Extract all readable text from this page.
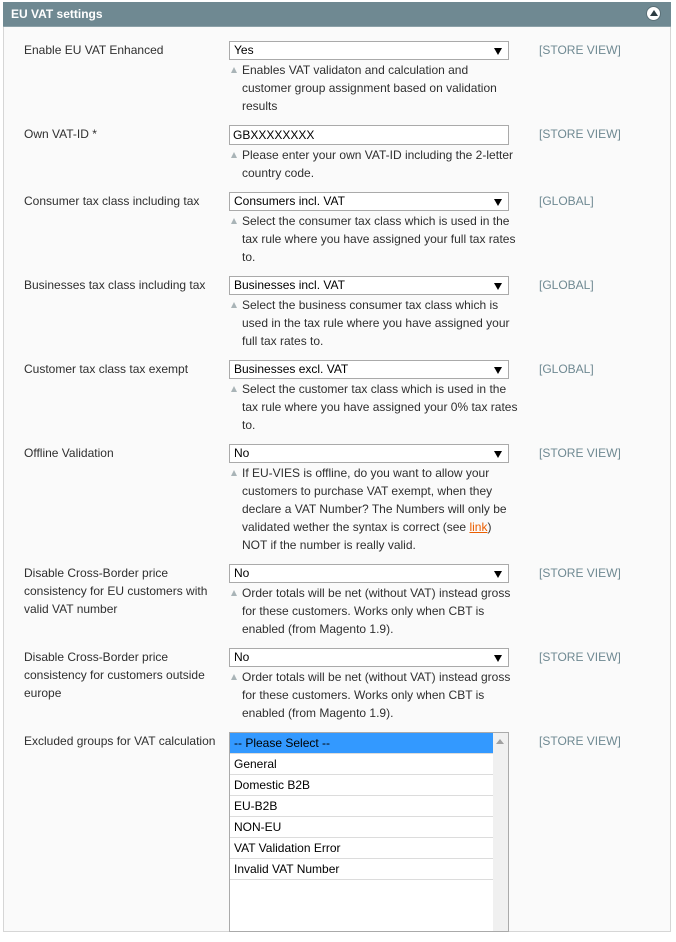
EU VAT settings
Enable EU VAT Enhanced	Yes
Enables VAT validaton and calculation and customer group assignment based on validation results
[STORE VIEW]
Own VAT-ID *	GBXXXXXXXX
Please enter your own VAT-ID including the 2-letter country code.
[STORE VIEW]
Consumer tax class including tax	Consumers incl. VAT
Select the consumer tax class which is used in the tax rule where you have assigned your full tax rates to.
[GLOBAL]
Businesses tax class including tax	Businesses incl. VAT
Select the business consumer tax class which is used in the tax rule where you have assigned your full tax rates to.
[GLOBAL]
Customer tax class tax exempt	Businesses excl. VAT
Select the customer tax class which is used in the tax rule where you have assigned your 0% tax rates to.
[GLOBAL]
Offline Validation	No
If EU-VIES is offline, do you want to allow your customers to purchase VAT exempt, when they declare a VAT Number? The Numbers will only be validated wether the syntax is correct (see link) NOT if the number is really valid.
[STORE VIEW]
Disable Cross-Border price consistency for EU customers with valid VAT number
No
Order totals will be net (without VAT) instead gross for these customers. Works only when CBT is enabled (from Magento 1.9).
[STORE VIEW]
Disable Cross-Border price consistency for customers outside europe
No
Order totals will be net (without VAT) instead gross for these customers. Works only when CBT is enabled (from Magento 1.9).
[STORE VIEW]
Excluded groups for VAT calculation	-- Please Select --
General
Domestic B2B
EU-B2B
NON-EU
VAT Validation Error
Invalid VAT Number
[STORE VIEW]
